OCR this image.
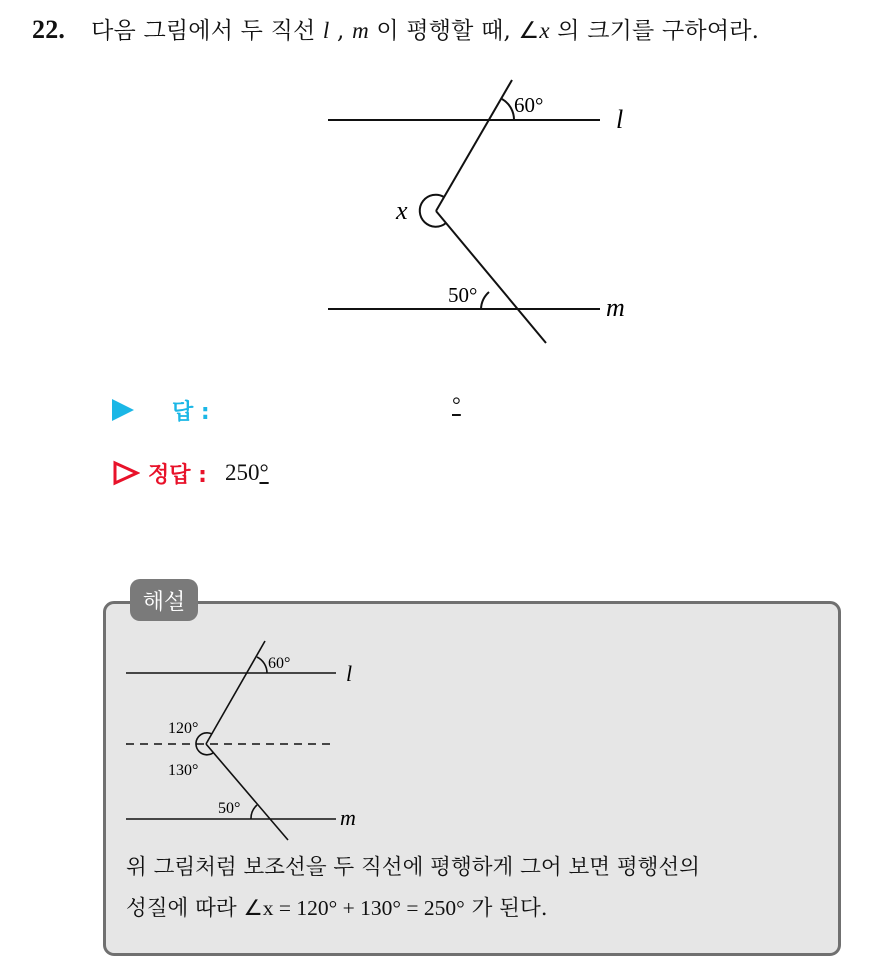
22. 다음 그림에서 두 직선 l , m 이 평행할 때, ∠x 의 크기를 구하여라.
60°	l
x
50°	m
답 :	°
정답 : 250°
해설
60°	l
120°
130°
50°	m
위 그림처럼 보조선을 두 직선에 평행하게 그어 보면 평행선의
성질에 따라 ∠x = 120° + 130° = 250° 가 된다.
